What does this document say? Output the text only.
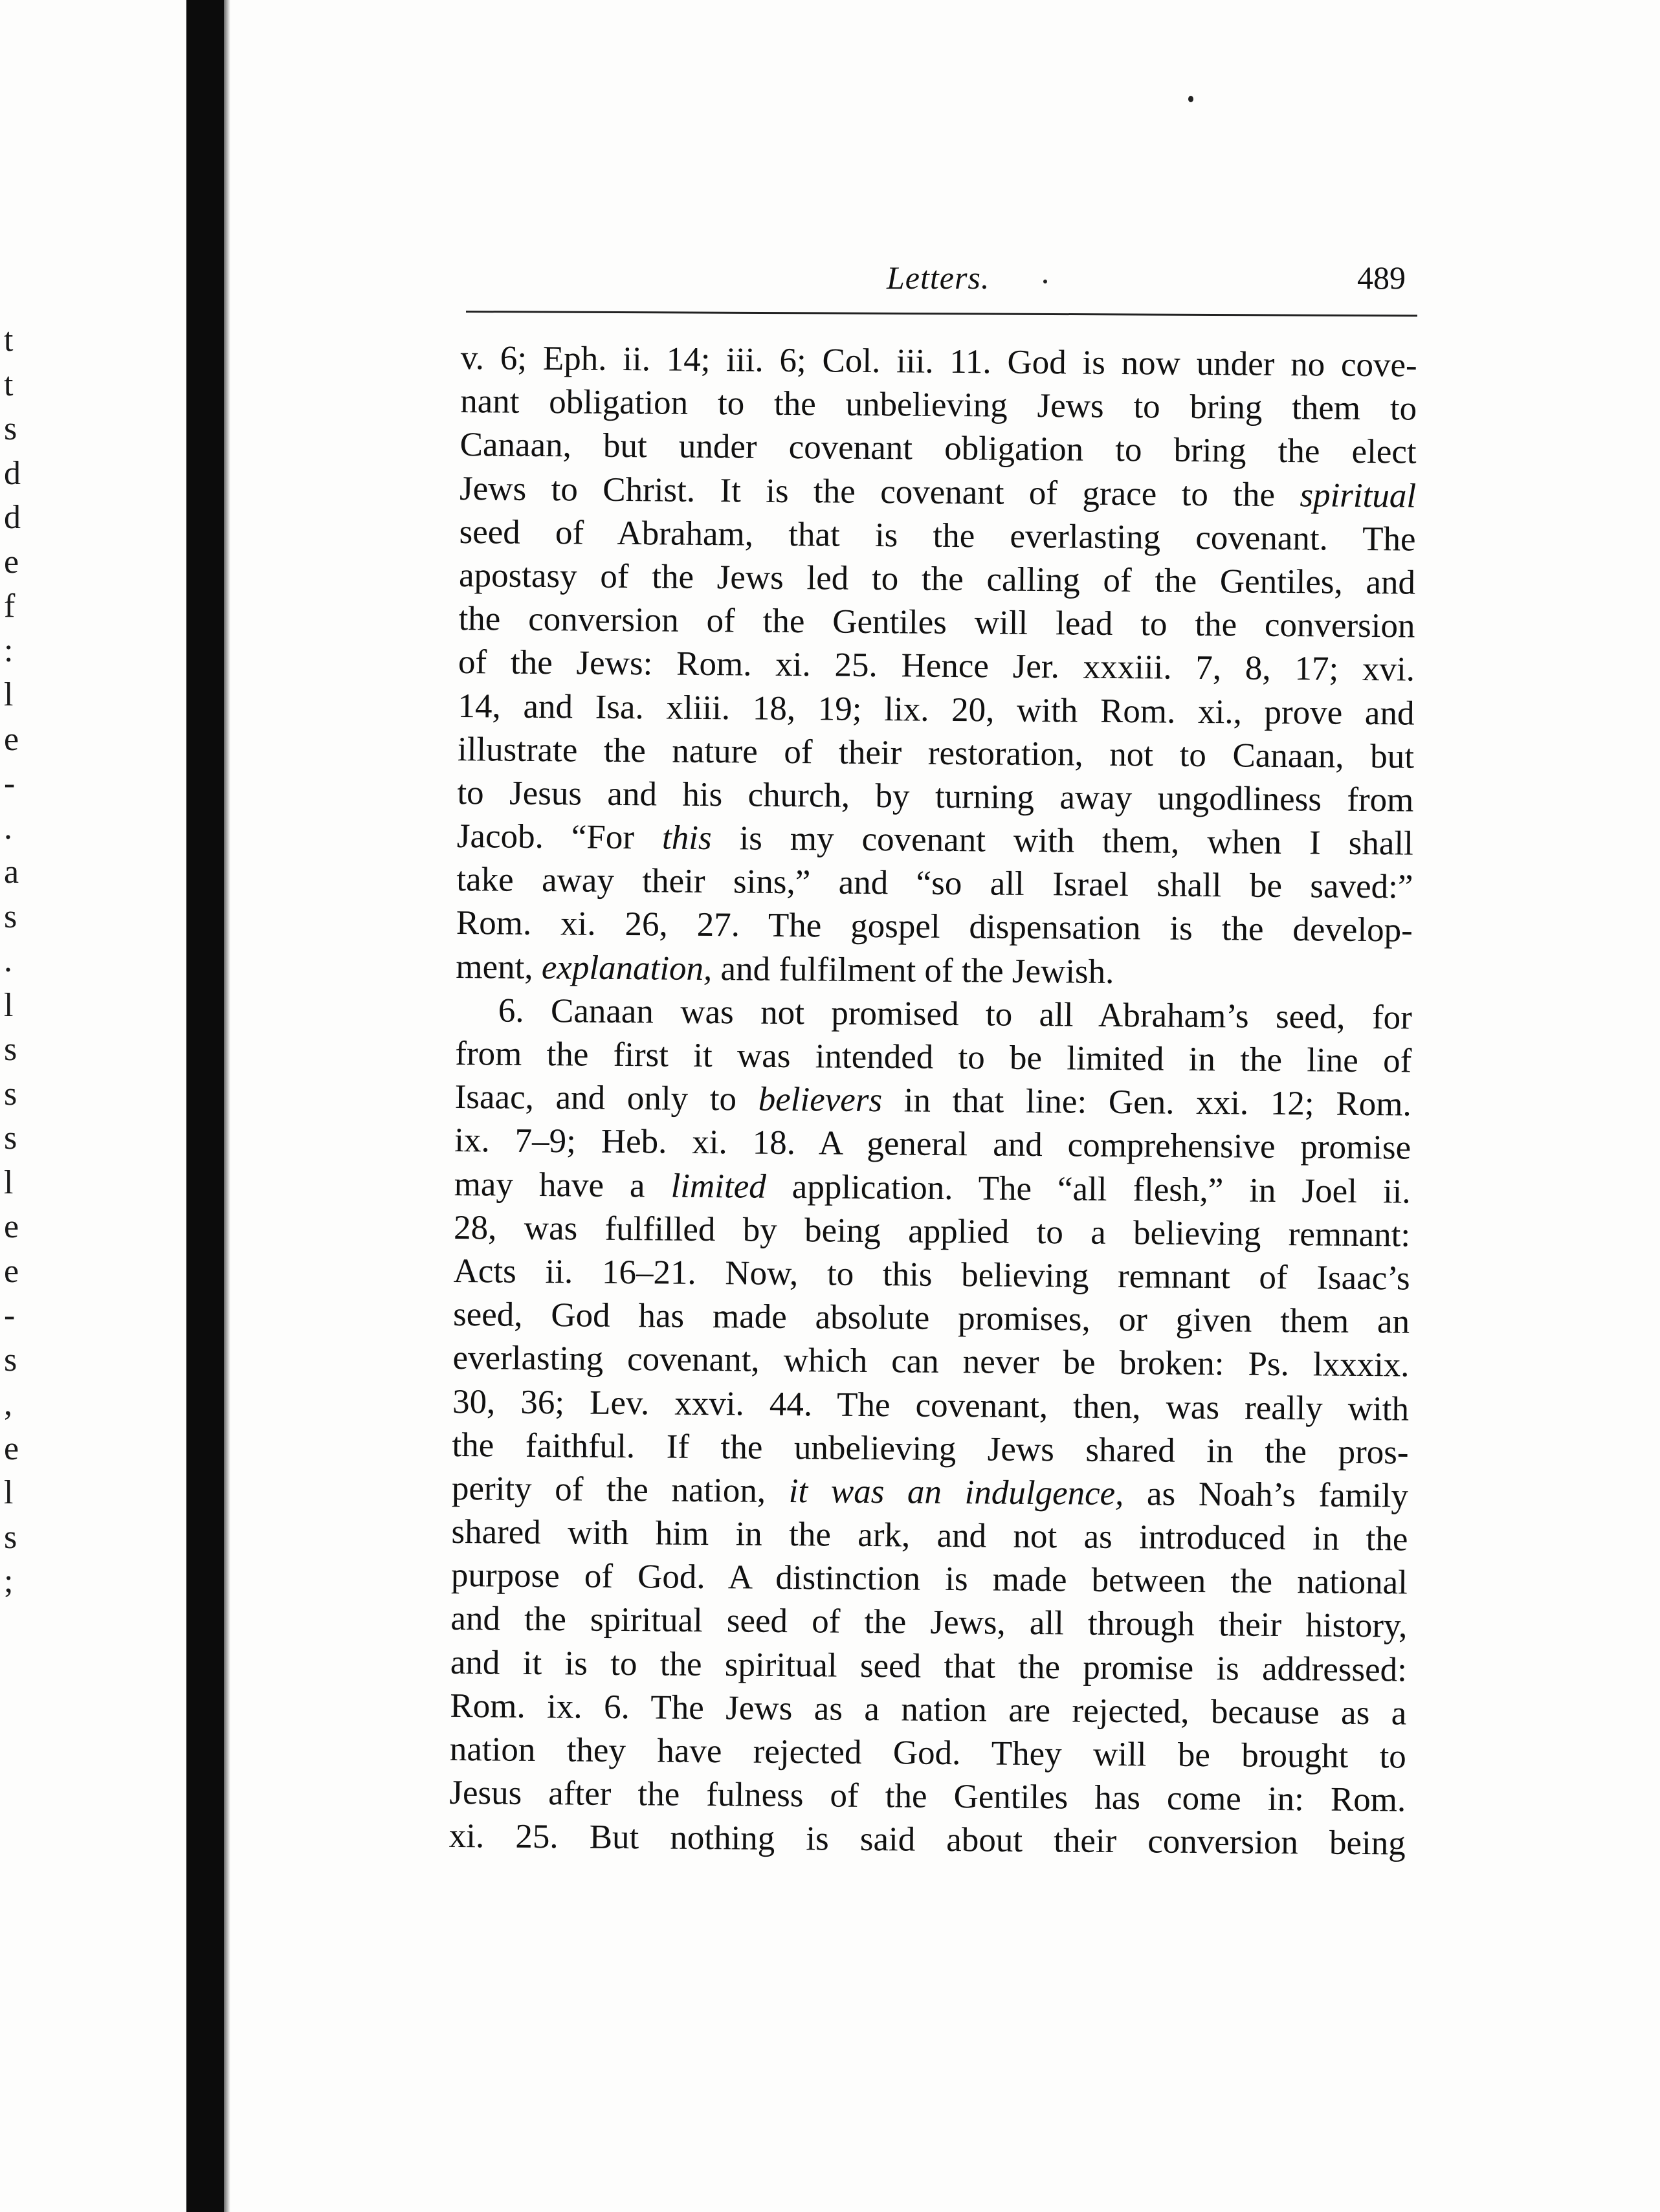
t
t
s
d
d
e
f
:
l
e
-
.
a
s
.
l
s
s
s
l
e
e
-
s
,
e
l
s
;
Letters.	489
v. 6; Eph. ii. 14; iii. 6; Col. iii. 11. God is now under no cove-
nant obligation to the unbelieving Jews to bring them to
Canaan, but under covenant obligation to bring the elect
Jews to Christ. It is the covenant of grace to the spiritual
seed of Abraham, that is the everlasting covenant. The
apostasy of the Jews led to the calling of the Gentiles, and
the conversion of the Gentiles will lead to the conversion
of the Jews: Rom. xi. 25. Hence Jer. xxxiii. 7, 8, 17; xvi.
14, and Isa. xliii. 18, 19; lix. 20, with Rom. xi., prove and
illustrate the nature of their restoration, not to Canaan, but
to Jesus and his church, by turning away ungodliness from
Jacob. “For this is my covenant with them, when I shall
take away their sins,” and “so all Israel shall be saved:”
Rom. xi. 26, 27. The gospel dispensation is the develop-
ment, explanation, and fulfilment of the Jewish.
6. Canaan was not promised to all Abraham’s seed, for
from the first it was intended to be limited in the line of
Isaac, and only to believers in that line: Gen. xxi. 12; Rom.
ix. 7–9; Heb. xi. 18. A general and comprehensive promise
may have a limited application. The “all flesh,” in Joel ii.
28, was fulfilled by being applied to a believing remnant:
Acts ii. 16–21. Now, to this believing remnant of Isaac’s
seed, God has made absolute promises, or given them an
everlasting covenant, which can never be broken: Ps. lxxxix.
30, 36; Lev. xxvi. 44. The covenant, then, was really with
the faithful. If the unbelieving Jews shared in the pros-
perity of the nation, it was an indulgence, as Noah’s family
shared with him in the ark, and not as introduced in the
purpose of God. A distinction is made between the national
and the spiritual seed of the Jews, all through their history,
and it is to the spiritual seed that the promise is addressed:
Rom. ix. 6. The Jews as a nation are rejected, because as a
nation they have rejected God. They will be brought to
Jesus after the fulness of the Gentiles has come in: Rom.
xi. 25. But nothing is said about their conversion being
